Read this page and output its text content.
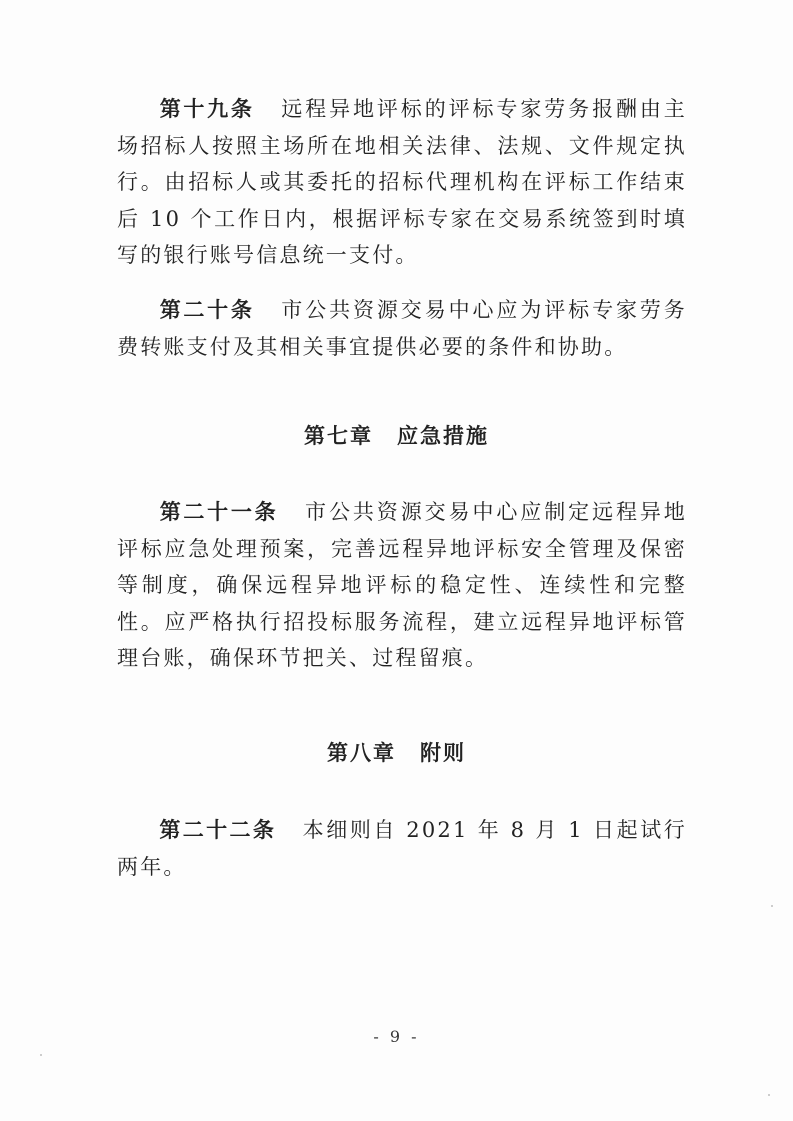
第十九条 远程异地评标的评标专家劳务报酬由主场招标人按照主场所在地相关法律、法规、文件规定执行。由招标人或其委托的招标代理机构在评标工作结束后 10 个工作日内，根据评标专家在交易系统签到时填写的银行账号信息统一支付。

第二十条 市公共资源交易中心应为评标专家劳务费转账支付及其相关事宜提供必要的条件和协助。

第七章 应急措施

第二十一条 市公共资源交易中心应制定远程异地评标应急处理预案，完善远程异地评标安全管理及保密等制度，确保远程异地评标的稳定性、连续性和完整性。应严格执行招投标服务流程，建立远程异地评标管理台账，确保环节把关、过程留痕。

第八章 附则

第二十二条 本细则自 2021 年 8 月 1 日起试行两年。

- 9 -
